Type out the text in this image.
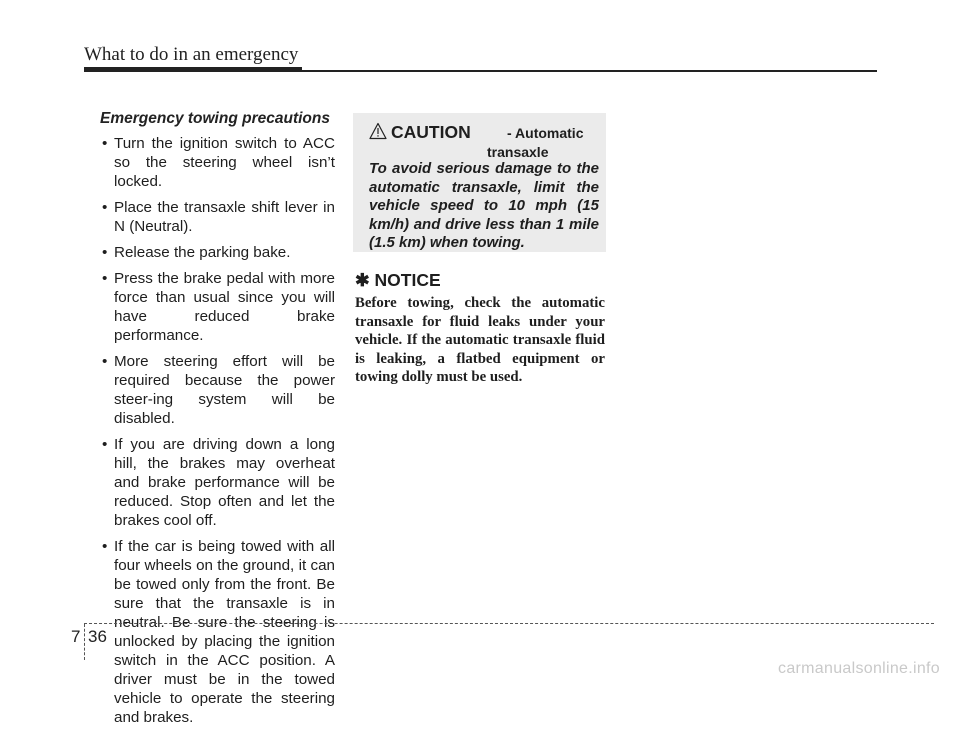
What to do in an emergency
Emergency towing precautions
• Turn the ignition switch to ACC so the steering wheel isn’t locked.
• Place the transaxle shift lever in N (Neutral).
• Release the parking bake.
• Press the brake pedal with more force than usual since you will have reduced brake performance.
• More steering effort will be required because the power steer-ing system will be disabled.
• If you are driving down a long hill, the brakes may overheat and brake performance will be reduced. Stop often and let the brakes cool off.
• If the car is being towed with all four wheels on the ground, it can be towed only from the front. Be sure that the transaxle is in neutral. Be sure the steering is unlocked by placing the ignition switch in the ACC position. A driver must be in the towed vehicle to operate the steering and brakes.
CAUTION	- Automatic
transaxle
To avoid serious damage to the automatic transaxle, limit the vehicle speed to 10 mph (15 km/h) and drive less than 1 mile (1.5 km) when towing.
✱ NOTICE
Before towing, check the automatic transaxle for fluid leaks under your vehicle. If the automatic transaxle fluid is leaking, a flatbed equipment or towing dolly must be used.
7 36
carmanualsonline.info
